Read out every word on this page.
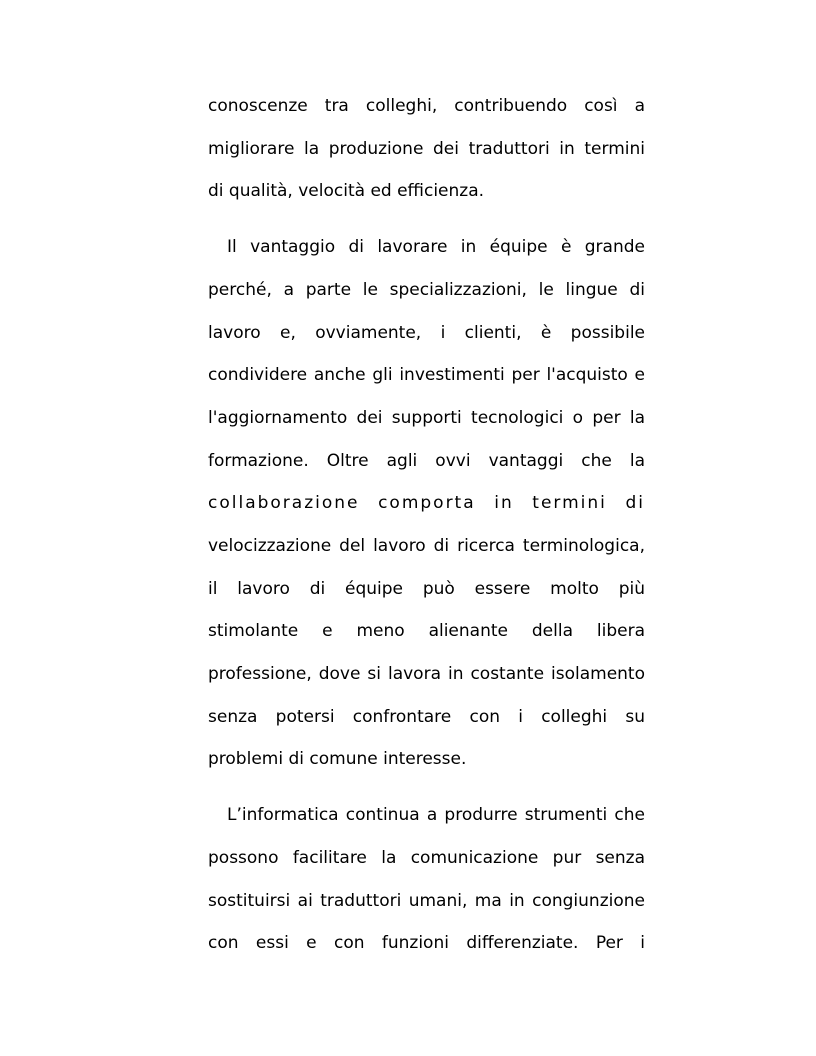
conoscenze tra colleghi, contribuendo così a
migliorare la produzione dei traduttori in termini
di qualità, velocità ed efficienza.
Il vantaggio di lavorare in équipe è grande
perché, a parte le specializzazioni, le lingue di
lavoro e, ovviamente, i clienti, è possibile
condividere anche gli investimenti per l'acquisto e
l'aggiornamento dei supporti tecnologici o per la
formazione. Oltre agli ovvi vantaggi che la
collaborazione comporta in termini di
velocizzazione del lavoro di ricerca terminologica,
il lavoro di équipe può essere molto più
stimolante e meno alienante della libera
professione, dove si lavora in costante isolamento
senza potersi confrontare con i colleghi su
problemi di comune interesse.
L’informatica continua a produrre strumenti che
possono facilitare la comunicazione pur senza
sostituirsi ai traduttori umani, ma in congiunzione
con essi e con funzioni differenziate. Per i
